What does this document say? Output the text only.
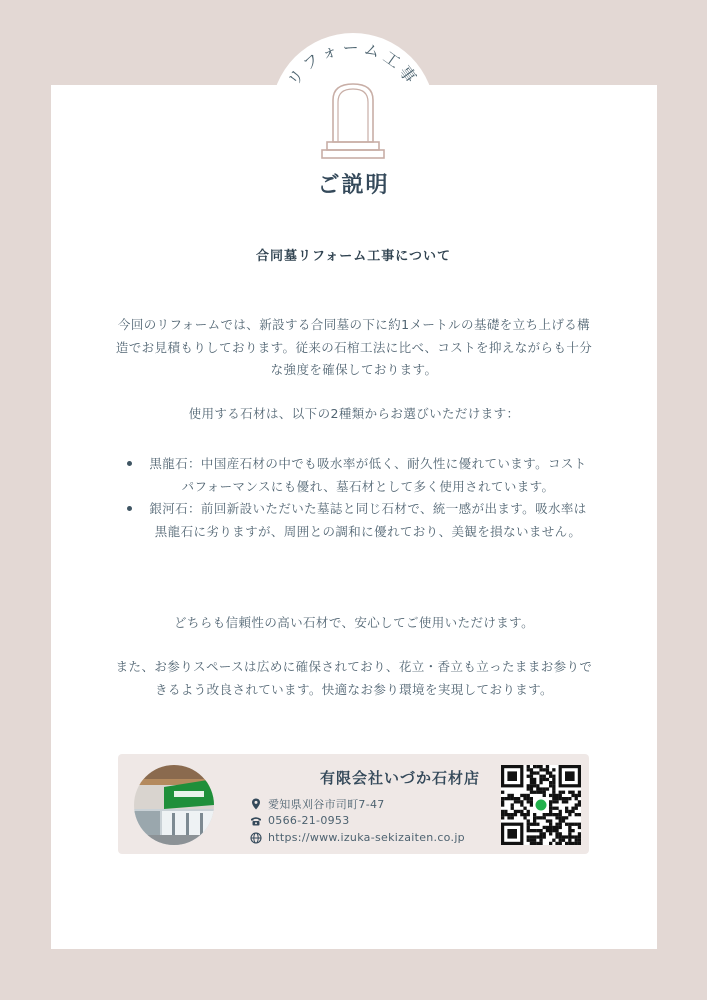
リフォーム工事
ご説明
合同墓リフォーム工事について
今回のリフォームでは、新設する合同墓の下に約1メートルの基礎を立ち上げる構造でお見積もりしております。従来の石棺工法に比べ、コストを抑えながらも十分な強度を確保しております。
使用する石材は、以下の2種類からお選びいただけます：
黒龍石：中国産石材の中でも吸水率が低く、耐久性に優れています。コストパフォーマンスにも優れ、墓石材として多く使用されています。
銀河石：前回新設いただいた墓誌と同じ石材で、統一感が出ます。吸水率は黒龍石に劣りますが、周囲との調和に優れており、美観を損ないません。
どちらも信頼性の高い石材で、安心してご使用いただけます。
また、お参りスペースは広めに確保されており、花立・香立も立ったままお参りできるよう改良されています。快適なお参り環境を実現しております。
有限会社いづか石材店
愛知県刈谷市司町7-47
0566-21-0953
https://www.izuka-sekizaiten.co.jp
